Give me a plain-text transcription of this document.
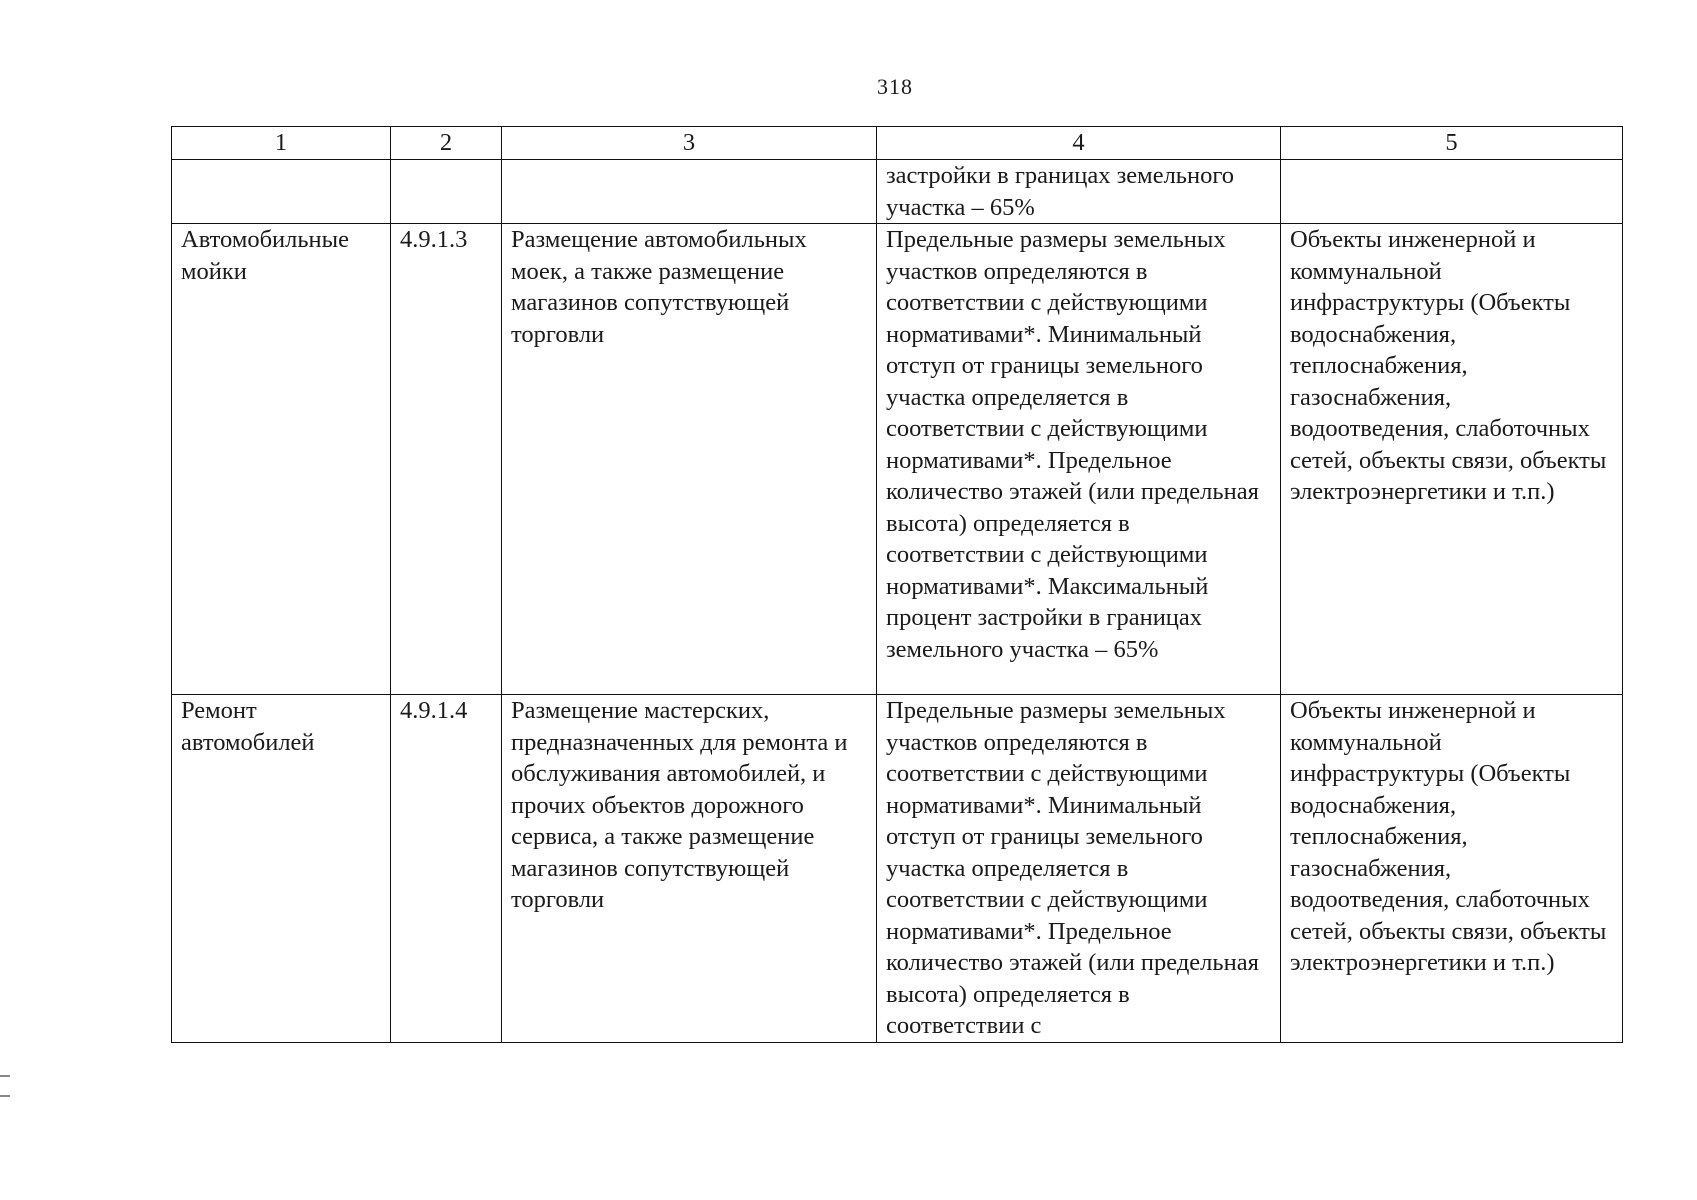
318
1	2	3	4	5
			застройки в границах земельного участка – 65%	
Автомобильные мойки	4.9.1.3	Размещение автомобильных моек, а также размещение магазинов сопутствующей торговли	Предельные размеры земельных участков определяются в соответствии с действующими нормативами*. Минимальный отступ от границы земельного участка определяется в соответствии с действующими нормативами*. Предельное количество этажей (или предельная высота) определяется в соответствии с действующими нормативами*. Максимальный процент застройки в границах земельного участка – 65%	Объекты инженерной и коммунальной инфраструктуры (Объекты водоснабжения, теплоснабжения, газоснабжения, водоотведения, слаботочных сетей, объекты связи, объекты электроэнергетики и т.п.)
Ремонт автомобилей	4.9.1.4	Размещение мастерских, предназначенных для ремонта и обслуживания автомобилей, и прочих объектов дорожного сервиса, а также размещение магазинов сопутствующей торговли	Предельные размеры земельных участков определяются в соответствии с действующими нормативами*. Минимальный отступ от границы земельного участка определяется в соответствии с действующими нормативами*. Предельное количество этажей (или предельная высота) определяется в соответствии с	Объекты инженерной и коммунальной инфраструктуры (Объекты водоснабжения, теплоснабжения, газоснабжения, водоотведения, слаботочных сетей, объекты связи, объекты электроэнергетики и т.п.)
